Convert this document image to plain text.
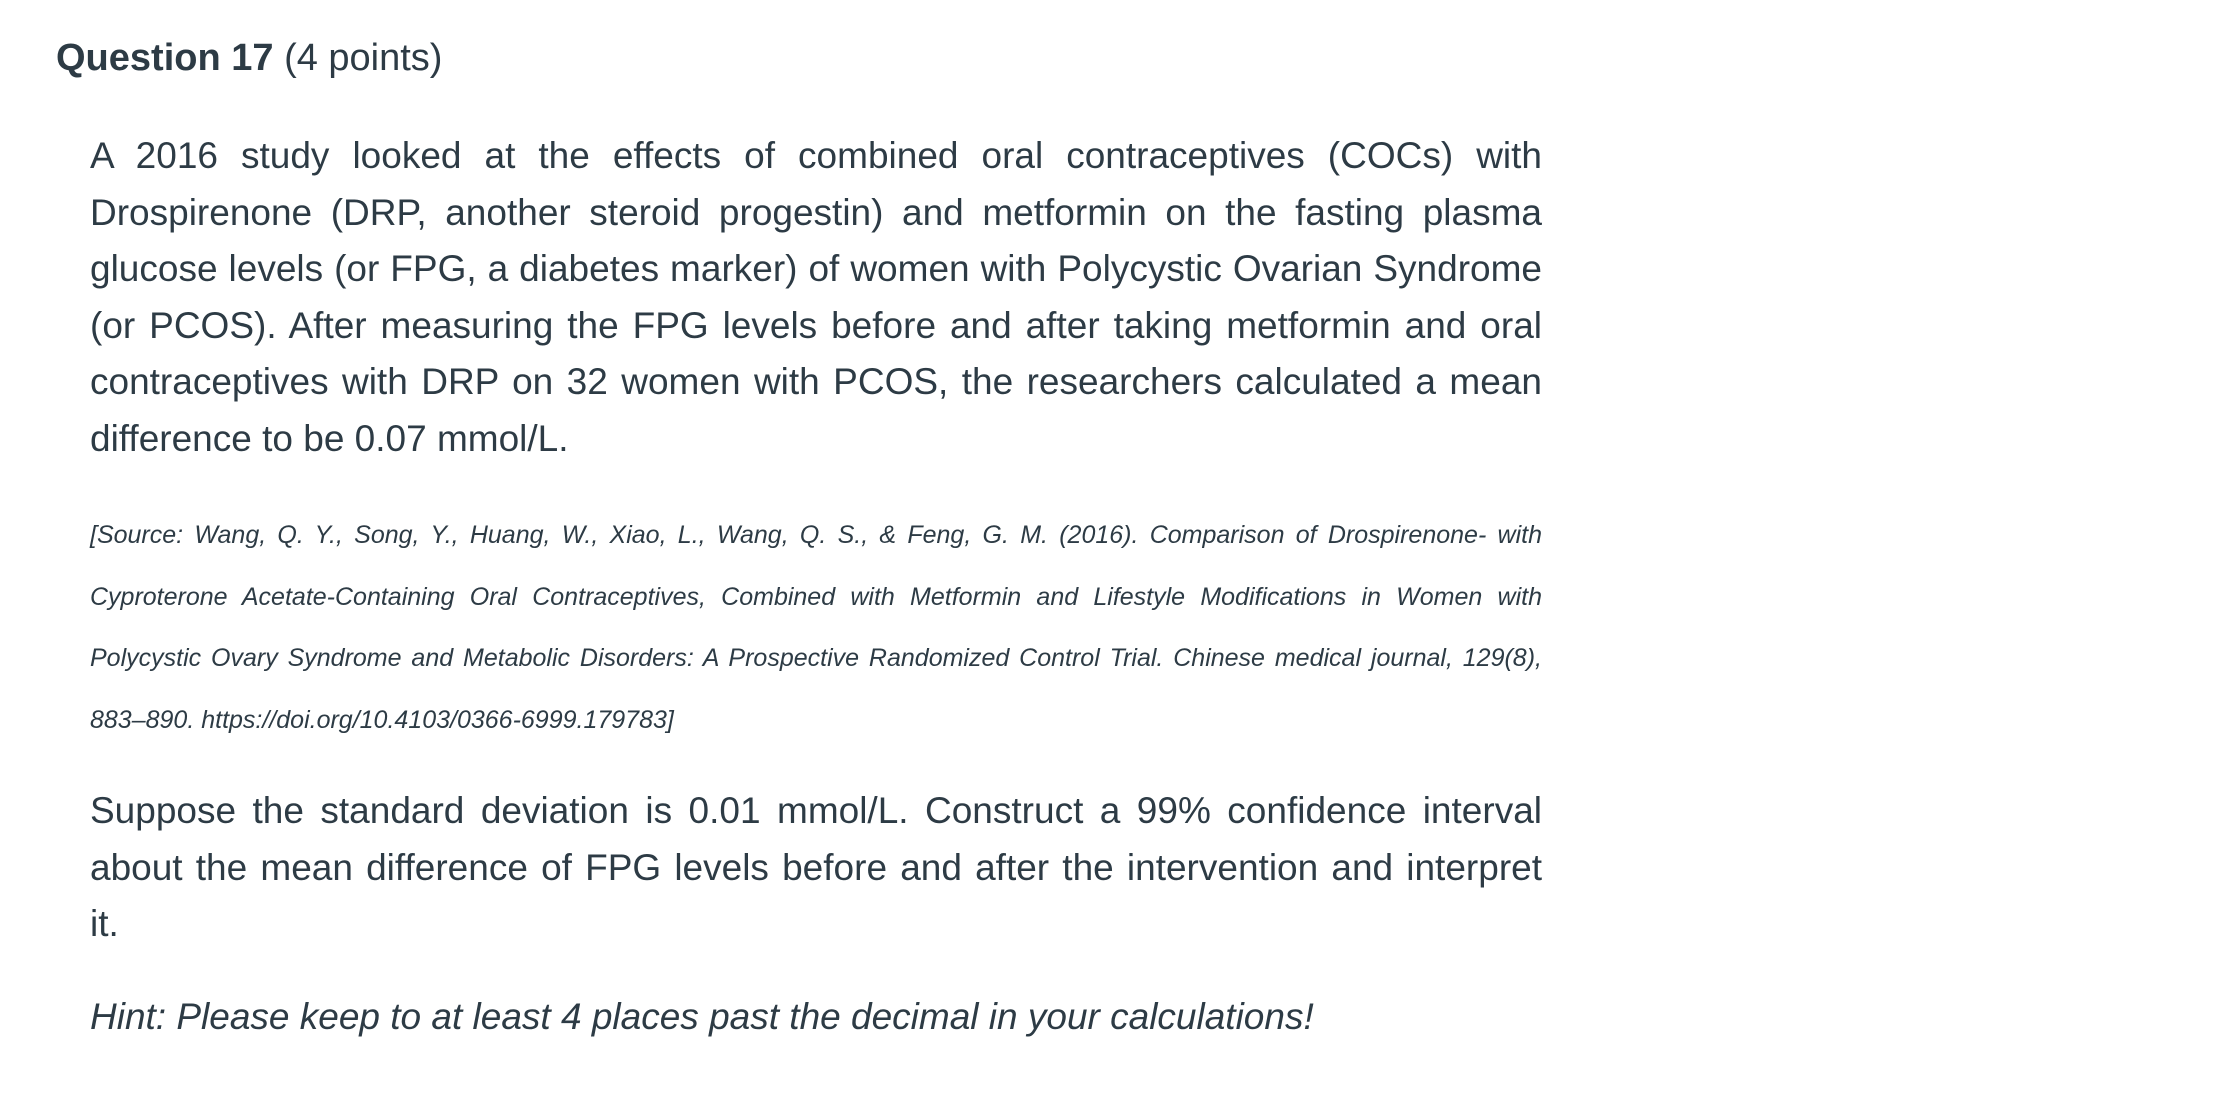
Question 17 (4 points)

A 2016 study looked at the effects of combined oral contraceptives (COCs) with Drospirenone (DRP, another steroid progestin) and metformin on the fasting plasma glucose levels (or FPG, a diabetes marker) of women with Polycystic Ovarian Syndrome (or PCOS). After measuring the FPG levels before and after taking metformin and oral contraceptives with DRP on 32 women with PCOS, the researchers calculated a mean difference to be 0.07 mmol/L.

[Source: Wang, Q. Y., Song, Y., Huang, W., Xiao, L., Wang, Q. S., & Feng, G. M. (2016). Comparison of Drospirenone- with Cyproterone Acetate-Containing Oral Contraceptives, Combined with Metformin and Lifestyle Modifications in Women with Polycystic Ovary Syndrome and Metabolic Disorders: A Prospective Randomized Control Trial. Chinese medical journal, 129(8), 883–890. https://doi.org/10.4103/0366-6999.179783]

Suppose the standard deviation is 0.01 mmol/L. Construct a 99% confidence interval about the mean difference of FPG levels before and after the intervention and interpret it.

Hint: Please keep to at least 4 places past the decimal in your calculations!
